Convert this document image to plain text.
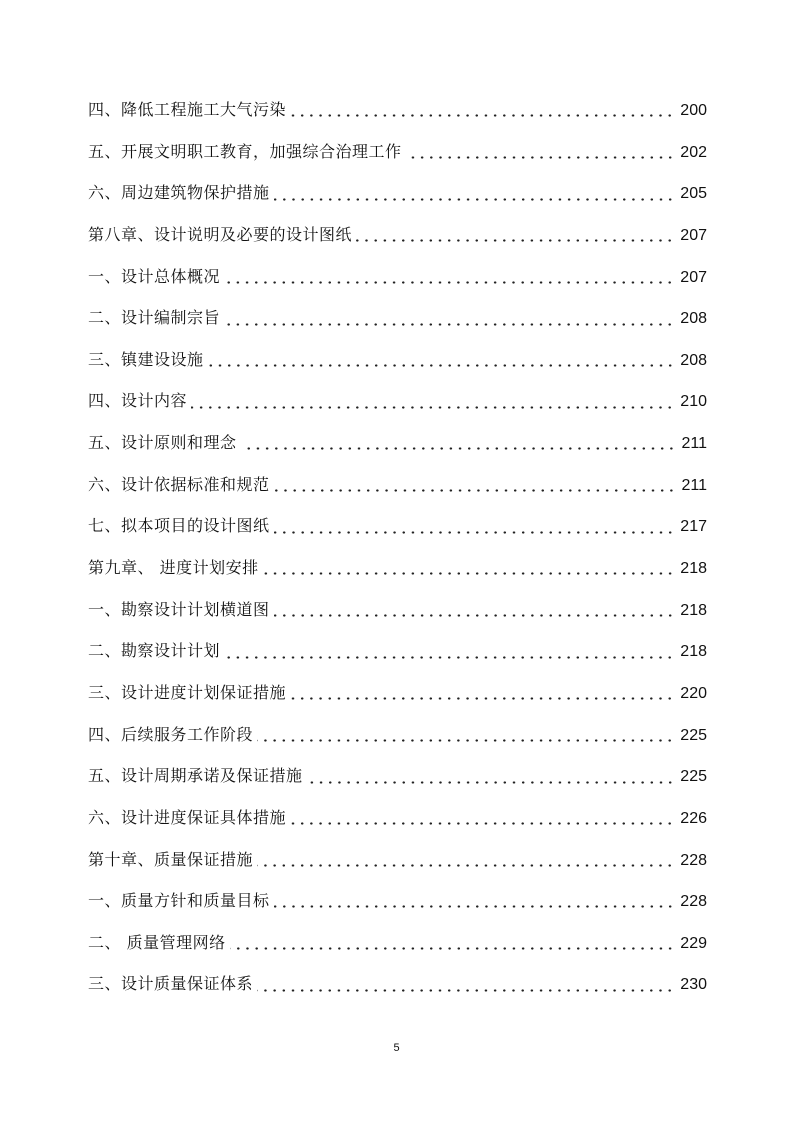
四、降低工程施工大气污染	200
五、开展文明职工教育，加强综合治理工作	202
六、周边建筑物保护措施	205
第八章、设计说明及必要的设计图纸	207
一、设计总体概况	207
二、设计编制宗旨	208
三、镇建设设施	208
四、设计内容	210
五、设计原则和理念	211
六、设计依据标准和规范	211
七、拟本项目的设计图纸	217
第九章、 进度计划安排	218
一、勘察设计计划横道图	218
二、勘察设计计划	218
三、设计进度计划保证措施	220
四、后续服务工作阶段	225
五、设计周期承诺及保证措施	225
六、设计进度保证具体措施	226
第十章、质量保证措施	228
一、质量方针和质量目标	228
二、 质量管理网络	229
三、设计质量保证体系	230
5
